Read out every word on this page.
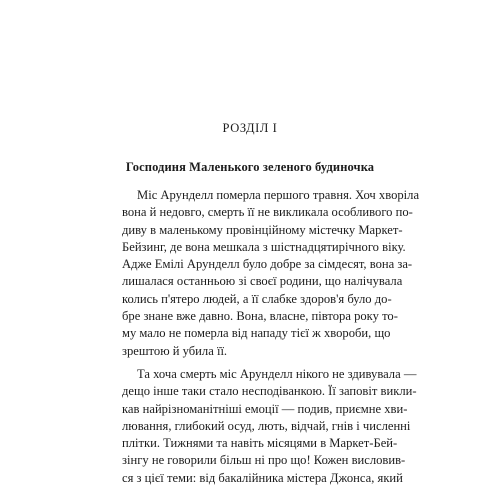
РОЗДІЛ I
Господиня Маленького зеленого будиночка
Міс Арунделл померла першого травня. Хоч хворіла
вона й недовго, смерть її не викликала особливого по-
диву в маленькому провінційному містечку Маркет-
Бейзинг, де вона мешкала з шістнадцятирічного віку.
Адже Емілі Арунделл було добре за сімдесят, вона за-
лишалася останньою зі своєї родини, що налічувала
колись п'ятеро людей, а її слабке здоров'я було до-
бре знане вже давно. Вона, власне, півтора року то-
му мало не померла від нападу тієї ж хвороби, що
зрештою й убила її.
Та хоча смерть міс Арунделл нікого не здивувала —
дещо інше таки стало несподіванкою. Її заповіт викли-
кав найрізноманітніші емоції — подив, приємне хви-
лювання, глибокий осуд, лють, відчай, гнів і численні
плітки. Тижнями та навіть місяцями в Маркет-Бей-
зінгу не говорили більш ні про що! Кожен висловив-
ся з цієї теми: від бакалійника містера Джонса, який
